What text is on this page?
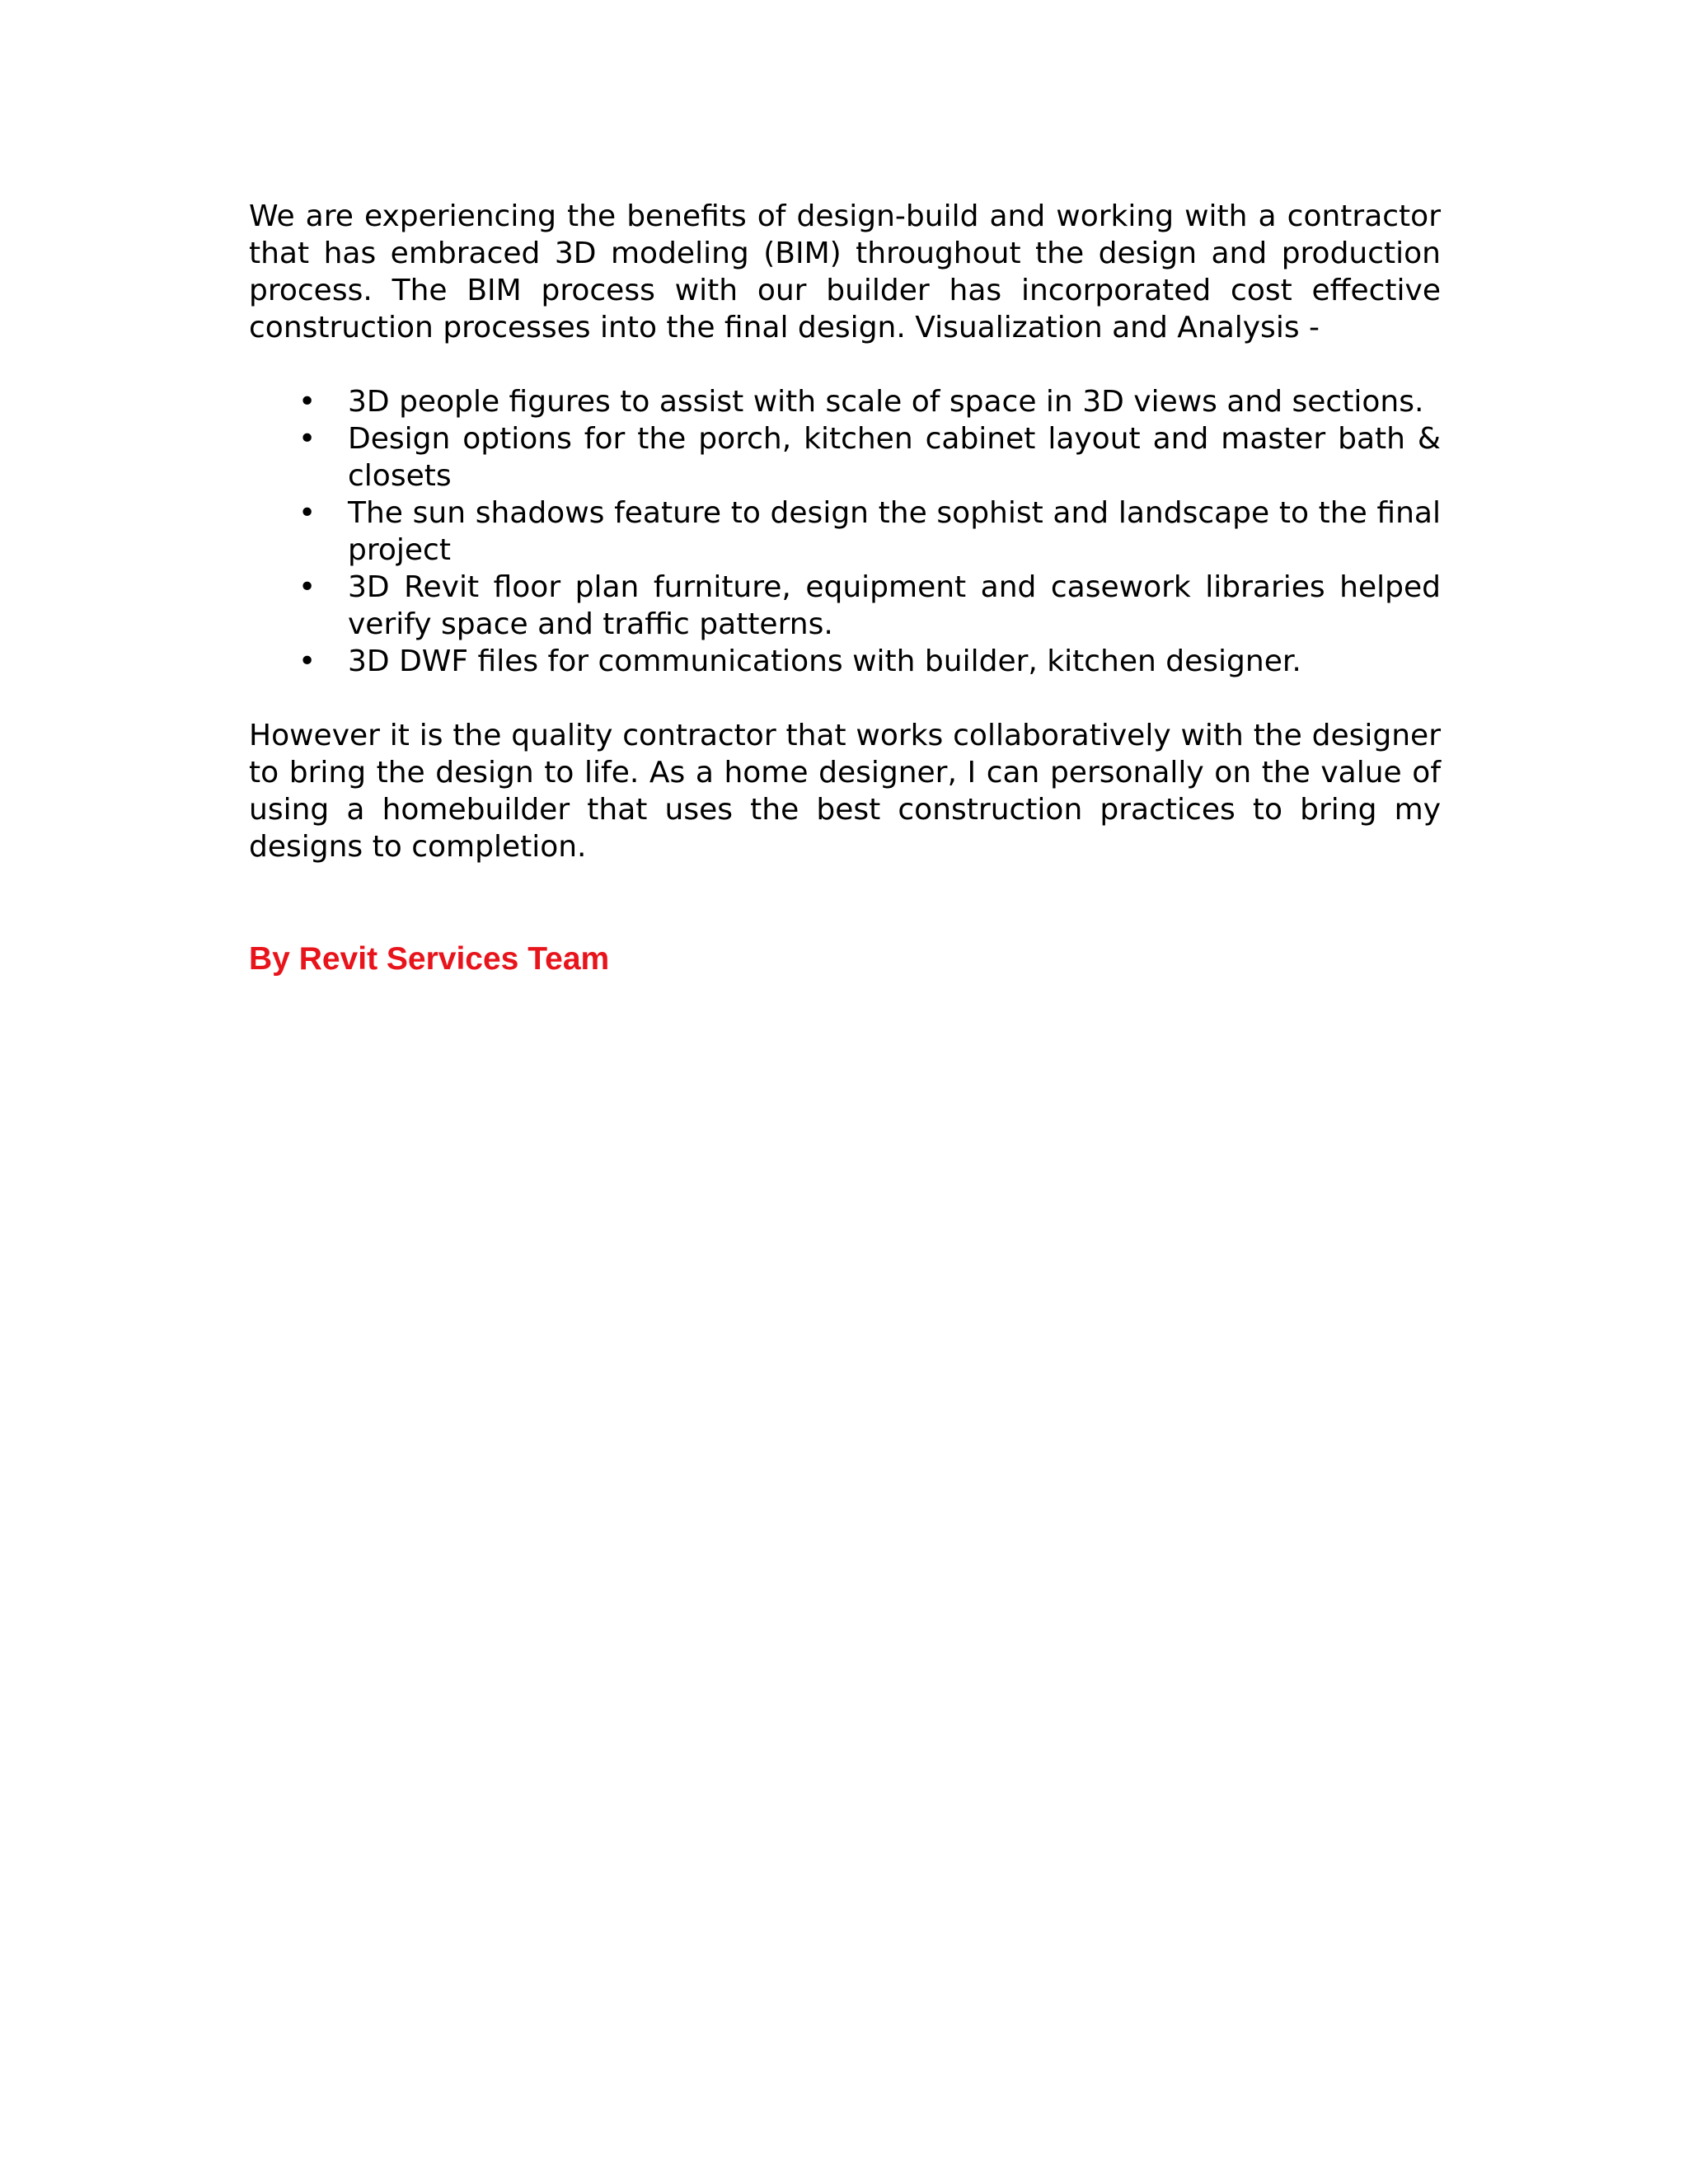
We are experiencing the benefits of design-build and working with a contractor that has embraced 3D modeling (BIM) throughout the design and production process. The BIM process with our builder has incorporated cost effective construction processes into the final design. Visualization and Analysis -

•	3D people figures to assist with scale of space in 3D views and sections.
•	Design options for the porch, kitchen cabinet layout and master bath & closets
•	The sun shadows feature to design the sophist and landscape to the final project
•	3D Revit floor plan furniture, equipment and casework libraries helped verify space and traffic patterns.
•	3D DWF files for communications with builder, kitchen designer.

However it is the quality contractor that works collaboratively with the designer to bring the design to life. As a home designer, I can personally on the value of using a homebuilder that uses the best construction practices to bring my designs to completion.

By Revit Services Team
